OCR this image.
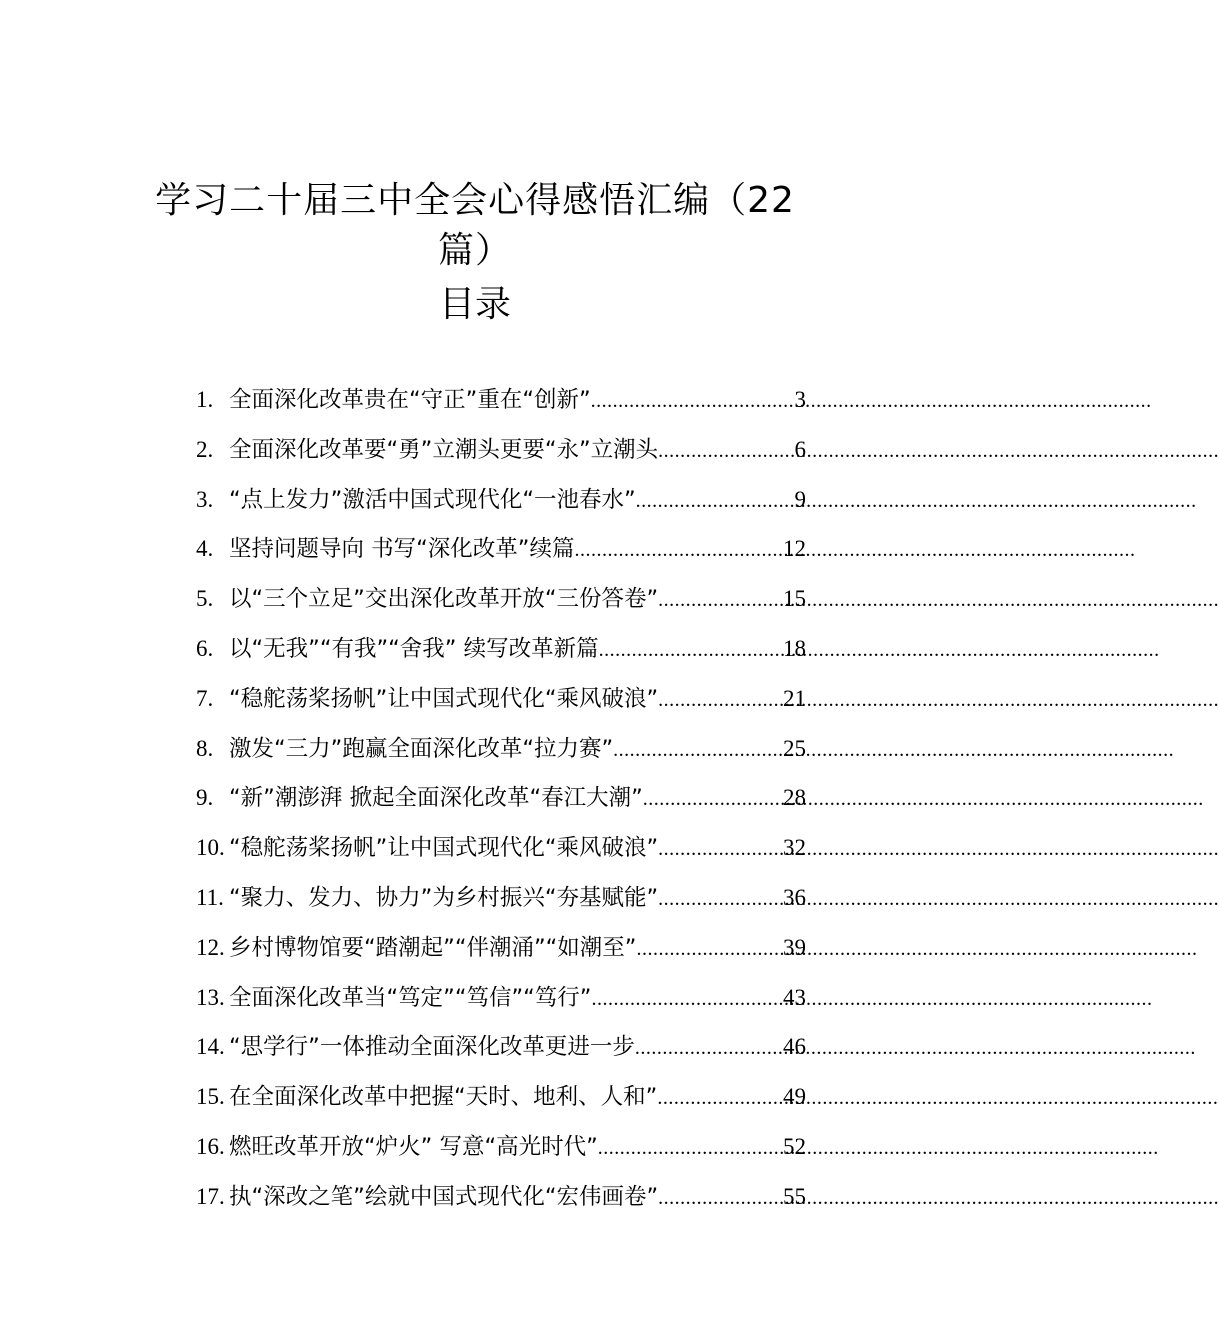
学习二十届三中全会心得感悟汇编（22
篇）
目录
1. 全面深化改革贵在“守正”重在“创新” .....	3
2. 全面深化改革要“勇”立潮头更要“永”立潮头 .....	6
3. “点上发力”激活中国式现代化“一池春水” .....	9
4. 坚持问题导向 书写“深化改革”续篇 .....	12
5. 以“三个立足”交出深化改革开放“三份答卷” .....	15
6. 以“无我”“有我”“舍我” 续写改革新篇 .....	18
7. “稳舵荡桨扬帆”让中国式现代化“乘风破浪” .....	21
8. 激发“三力”跑赢全面深化改革“拉力赛” .....	25
9. “新”潮澎湃 掀起全面深化改革“春江大潮” .....	28
10. “稳舵荡桨扬帆”让中国式现代化“乘风破浪” .....	32
11. “聚力、发力、协力”为乡村振兴“夯基赋能” .....	36
12. 乡村博物馆要“踏潮起”“伴潮涌”“如潮至” .....	39
13. 全面深化改革当“笃定”“笃信”“笃行” .....	43
14. “思学行”一体推动全面深化改革更进一步 .....	46
15. 在全面深化改革中把握“天时、地利、人和” .....	49
16. 燃旺改革开放“炉火” 写意“高光时代” .....	52
17. 执“深改之笔”绘就中国式现代化“宏伟画卷” .....	55
